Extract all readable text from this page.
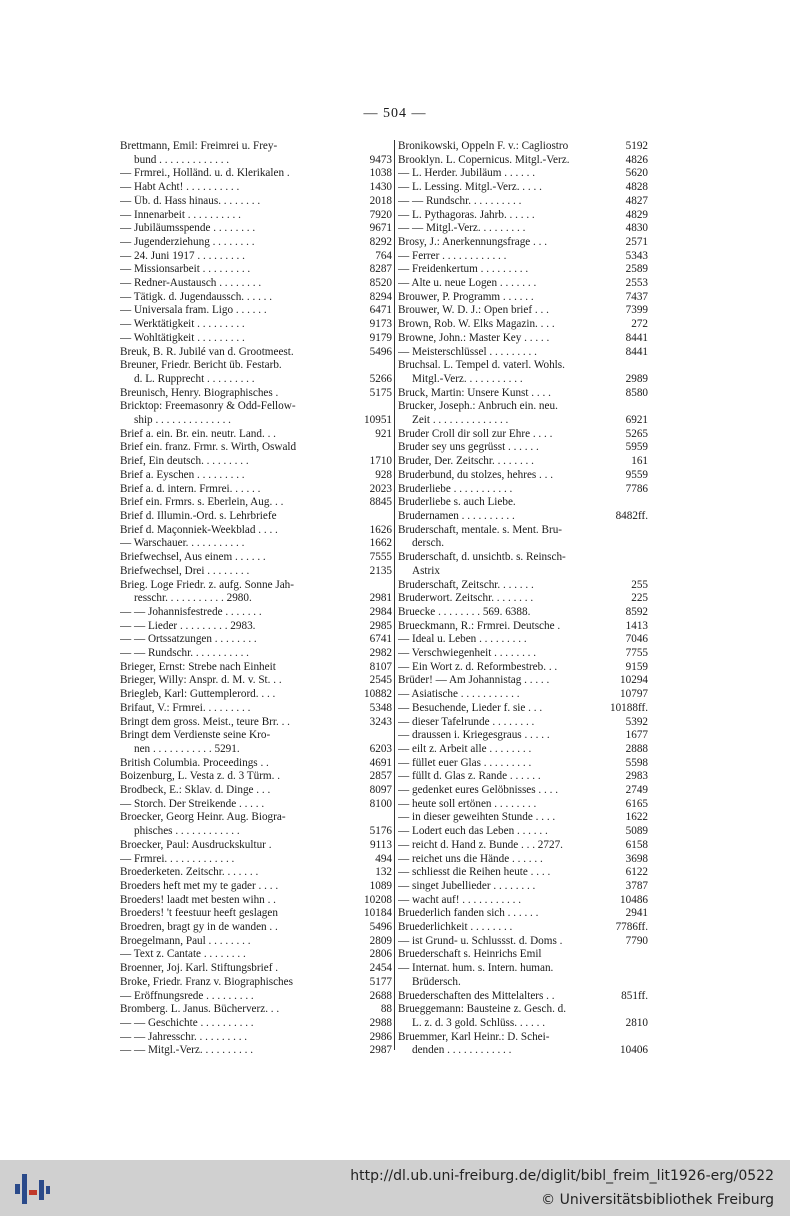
— 504 —
Brettmann, Emil: Freimrei u. Frey-
bund . . . . . . . . . . . . .	9473
— Frmrei., Holländ. u. d. Klerikalen .	1038
— Habt Acht! . . . . . . . . . .	1430
— Üb. d. Hass hinaus. . . . . . . .	2018
— Innenarbeit . . . . . . . . . .	7920
— Jubiläumsspende . . . . . . . .	9671
— Jugenderziehung . . . . . . . .	8292
— 24. Juni 1917 . . . . . . . . .	764
— Missionsarbeit . . . . . . . . .	8287
— Redner-Austausch . . . . . . . .	8520
— Tätigk. d. Jugendaussch. . . . . .	8294
— Universala fram. Ligo . . . . . .	6471
— Werktätigkeit . . . . . . . . .	9173
— Wohltätigkeit . . . . . . . . .	9179
Breuk, B. R. Jubilé van d. Grootmeest.	5496
Breuner, Friedr. Bericht üb. Festarb.
d. L. Rupprecht . . . . . . . . .	5266
Breunisch, Henry. Biographisches .	5175
Bricktop: Freemasonry & Odd-Fellow-
ship . . . . . . . . . . . . . .	10951
Brief a. ein. Br. ein. neutr. Land. . .	921
Brief ein. franz. Frmr. s. Wirth, Oswald
Brief, Ein deutsch. . . . . . . . .	1710
Brief a. Eyschen . . . . . . . . .	928
Brief a. d. intern. Frmrei. . . . . .	2023
Brief ein. Frmrs. s. Eberlein, Aug. . .	8845
Brief d. Illumin.-Ord. s. Lehrbriefe
Brief d. Maçonniek-Weekblad . . . .	1626
— Warschauer. . . . . . . . . . .	1662
Briefwechsel, Aus einem . . . . . .	7555
Briefwechsel, Drei . . . . . . . .	2135
Brieg. Loge Friedr. z. aufg. Sonne Jah-
resschr. . . . . . . . . . . 2980.	2981
— — Johannisfestrede . . . . . . .	2984
— — Lieder . . . . . . . . . 2983.	2985
— — Ortssatzungen . . . . . . . .	6741
— — Rundschr. . . . . . . . . . .	2982
Brieger, Ernst: Strebe nach Einheit	8107
Brieger, Willy: Anspr. d. M. v. St. . .	2545
Briegleb, Karl: Guttemplerord. . . .	10882
Brifaut, V.: Frmrei. . . . . . . . .	5348
Bringt dem gross. Meist., teure Brr. . .	3243
Bringt dem Verdienste seine Kro-
nen . . . . . . . . . . . 5291.	6203
British Columbia. Proceedings . .	4691
Boizenburg, L. Vesta z. d. 3 Türm. .	2857
Brodbeck, E.: Sklav. d. Dinge . . .	8097
— Storch. Der Streikende . . . . .	8100
Broecker, Georg Heinr. Aug. Biogra-
phisches . . . . . . . . . . . .	5176
Broecker, Paul: Ausdruckskultur .	9113
— Frmrei. . . . . . . . . . . . .	494
Broederketen. Zeitschr. . . . . . .	132
Broeders heft met my te gader . . . .	1089
Broeders! laadt met besten wihn . .	10208
Broeders! 't feestuur heeft geslagen	10184
Broedren, bragt gy in de wanden . .	5496
Broegelmann, Paul . . . . . . . .	2809
— Text z. Cantate . . . . . . . .	2806
Broenner, Joj. Karl. Stiftungsbrief .	2454
Broke, Friedr. Franz v. Biographisches	5177
— Eröffnungsrede . . . . . . . . .	2688
Bromberg. L. Janus. Bücherverz. . .	88
— — Geschichte . . . . . . . . . .	2988
— — Jahresschr. . . . . . . . . .	2986
— — Mitgl.-Verz. . . . . . . . . .	2987
Bronikowski, Oppeln F. v.: Cagliostro	5192
Brooklyn. L. Copernicus. Mitgl.-Verz.	4826
— L. Herder. Jubiläum . . . . . .	5620
— L. Lessing. Mitgl.-Verz. . . . .	4828
— — Rundschr. . . . . . . . . .	4827
— L. Pythagoras. Jahrb. . . . . .	4829
— — Mitgl.-Verz. . . . . . . . .	4830
Brosy, J.: Anerkennungsfrage . . .	2571
— Ferrer . . . . . . . . . . . .	5343
— Freidenkertum . . . . . . . . .	2589
— Alte u. neue Logen . . . . . . .	2553
Brouwer, P. Programm . . . . . .	7437
Brouwer, W. D. J.: Open brief . . .	7399
Brown, Rob. W. Elks Magazin. . . .	272
Browne, John.: Master Key . . . . .	8441
— Meisterschlüssel . . . . . . . . .	8441
Bruchsal. L. Tempel d. vaterl. Wohls.
Mitgl.-Verz. . . . . . . . . . .	2989
Bruck, Martin: Unsere Kunst . . . .	8580
Brucker, Joseph.: Anbruch ein. neu.
Zeit . . . . . . . . . . . . . .	6921
Bruder Croll dir soll zur Ehre . . . .	5265
Bruder sey uns gegrüsst . . . . . .	5959
Bruder, Der. Zeitschr. . . . . . . .	161
Bruderbund, du stolzes, hehres . . .	9559
Bruderliebe . . . . . . . . . . .	7786
Bruderliebe s. auch Liebe.
Brudernamen . . . . . . . . . .	8482ff.
Bruderschaft, mentale. s. Ment. Bru-
dersch.
Bruderschaft, d. unsichtb. s. Reinsch-
Astrix
Bruderschaft, Zeitschr. . . . . . .	255
Bruderwort. Zeitschr. . . . . . . .	225
Bruecke . . . . . . . . 569. 6388.	8592
Brueckmann, R.: Frmrei. Deutsche .	1413
— Ideal u. Leben . . . . . . . . .	7046
— Verschwiegenheit . . . . . . . .	7755
— Ein Wort z. d. Reformbestreb. . .	9159
Brüder! — Am Johannistag . . . . .	10294
— Asiatische . . . . . . . . . . .	10797
— Besuchende, Lieder f. sie . . .	10188ff.
— dieser Tafelrunde . . . . . . . .	5392
— draussen i. Kriegesgraus . . . . .	1677
— eilt z. Arbeit alle . . . . . . . .	2888
— füllet euer Glas . . . . . . . . .	5598
— füllt d. Glas z. Rande . . . . . .	2983
— gedenket eures Gelöbnisses . . . .	2749
— heute soll ertönen . . . . . . . .	6165
— in dieser geweihten Stunde . . . .	1622
— Lodert euch das Leben . . . . . .	5089
— reicht d. Hand z. Bunde . . . 2727.	6158
— reichet uns die Hände . . . . . .	3698
— schliesst die Reihen heute . . . .	6122
— singet Jubellieder . . . . . . . .	3787
— wacht auf! . . . . . . . . . . .	10486
Bruederlich fanden sich . . . . . .	2941
Bruederlichkeit . . . . . . . .	7786ff.
— ist Grund- u. Schlussst. d. Doms .	7790
Bruederschaft s. Heinrichs Emil
— Internat. hum. s. Intern. human.
Brüdersch.
Bruederschaften des Mittelalters . .	851ff.
Brueggemann: Bausteine z. Gesch. d.
L. z. d. 3 gold. Schlüss. . . . . .	2810
Bruemmer, Karl Heinr.: D. Schei-
denden . . . . . . . . . . . .	10406
http://dl.ub.uni-freiburg.de/diglit/bibl_freim_lit1926-erg/0522
© Universitätsbibliothek Freiburg
